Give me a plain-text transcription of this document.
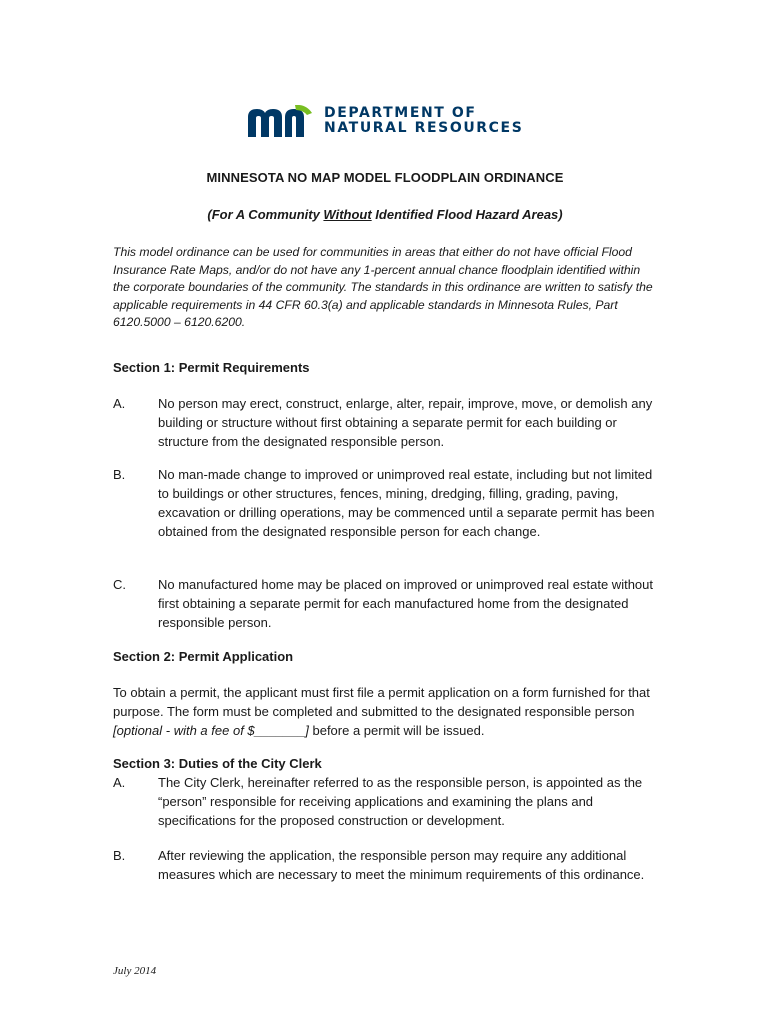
DEPARTMENT OF
NATURAL RESOURCES
MINNESOTA NO MAP MODEL FLOODPLAIN ORDINANCE
(For A Community Without Identified Flood Hazard Areas)
This model ordinance can be used for communities in areas that either do not have official Flood Insurance Rate Maps, and/or do not have any 1-percent annual chance floodplain identified within the corporate boundaries of the community. The standards in this ordinance are written to satisfy the applicable requirements in 44 CFR 60.3(a) and applicable standards in Minnesota Rules, Part 6120.5000 – 6120.6200.
Section 1: Permit Requirements
A.	No person may erect, construct, enlarge, alter, repair, improve, move, or demolish any building or structure without first obtaining a separate permit for each building or structure from the designated responsible person.
B.	No man-made change to improved or unimproved real estate, including but not limited to buildings or other structures, fences, mining, dredging, filling, grading, paving, excavation or drilling operations, may be commenced until a separate permit has been obtained from the designated responsible person for each change.
C. No manufactured home may be placed on improved or unimproved real estate without first obtaining a separate permit for each manufactured home from the designated responsible person.
Section 2: Permit Application
To obtain a permit, the applicant must first file a permit application on a form furnished for that purpose. The form must be completed and submitted to the designated responsible person [optional - with a fee of $_______] before a permit will be issued.
Section 3: Duties of the City Clerk
A.	The City Clerk, hereinafter referred to as the responsible person, is appointed as the “person” responsible for receiving applications and examining the plans and specifications for the proposed construction or development.
B.	After reviewing the application, the responsible person may require any additional measures which are necessary to meet the minimum requirements of this ordinance.
July 2014
